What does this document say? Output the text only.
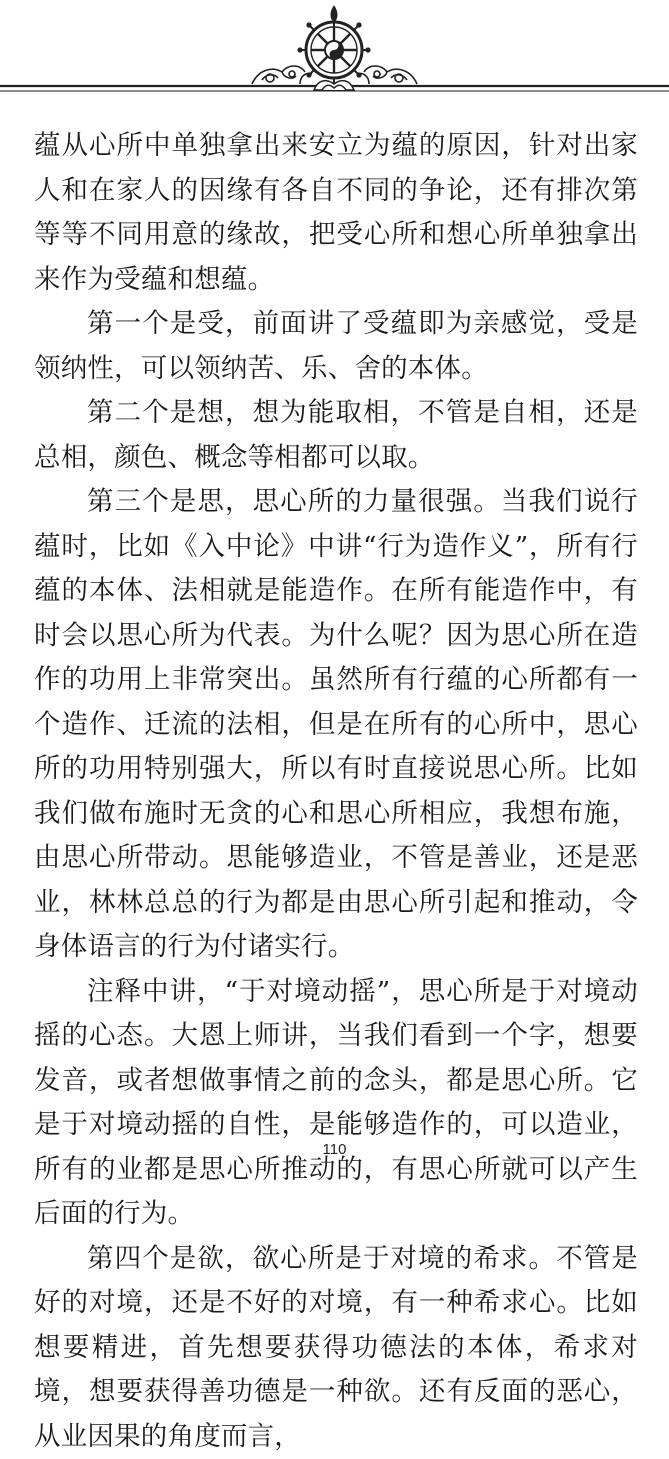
蕴从心所中单独拿出来安立为蕴的原因，针对出家人和在家人的因缘有各自不同的争论，还有排次第等等不同用意的缘故，把受心所和想心所单独拿出来作为受蕴和想蕴。

第一个是受，前面讲了受蕴即为亲感觉，受是领纳性，可以领纳苦、乐、舍的本体。

第二个是想，想为能取相，不管是自相，还是总相，颜色、概念等相都可以取。

第三个是思，思心所的力量很强。当我们说行蕴时，比如《入中论》中讲“行为造作义”，所有行蕴的本体、法相就是能造作。在所有能造作中，有时会以思心所为代表。为什么呢？因为思心所在造作的功用上非常突出。虽然所有行蕴的心所都有一个造作、迁流的法相，但是在所有的心所中，思心所的功用特别强大，所以有时直接说思心所。比如我们做布施时无贪的心和思心所相应，我想布施，由思心所带动。思能够造业，不管是善业，还是恶业，林林总总的行为都是由思心所引起和推动，令身体语言的行为付诸实行。

注释中讲，“于对境动摇”，思心所是于对境动摇的心态。大恩上师讲，当我们看到一个字，想要发音，或者想做事情之前的念头，都是思心所。它是于对境动摇的自性，是能够造作的，可以造业，所有的业都是思心所推动的，有思心所就可以产生后面的行为。

第四个是欲，欲心所是于对境的希求。不管是好的对境，还是不好的对境，有一种希求心。比如想要精进，首先想要获得功德法的本体，希求对境，想要获得善功德是一种欲。还有反面的恶心，从业因果的角度而言，

110
